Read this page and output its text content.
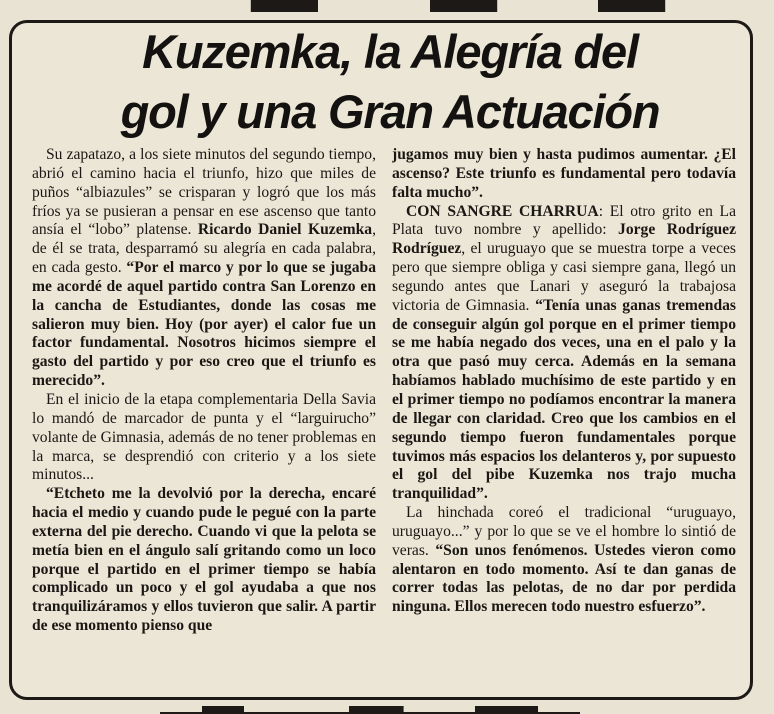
Kuzemka, la Alegría del
gol y una Gran Actuación

Su zapatazo, a los siete minutos del segundo tiempo, abrió el camino hacia el triunfo, hizo que miles de puños “albiazules” se crisparan y logró que los más fríos ya se pusieran a pensar en ese ascenso que tanto ansía el “lobo” platense. Ricardo Daniel Kuzemka, de él se trata, desparramó su alegría en cada palabra, en cada gesto. “Por el marco y por lo que se jugaba me acordé de aquel partido contra San Lorenzo en la cancha de Estudiantes, donde las cosas me salieron muy bien. Hoy (por ayer) el calor fue un factor fundamental. Nosotros hicimos siempre el gasto del partido y por eso creo que el triunfo es merecido”.

En el inicio de la etapa complementaria Della Savia lo mandó de marcador de punta y el “larguirucho” volante de Gimnasia, además de no tener problemas en la marca, se desprendió con criterio y a los siete minutos...

“Etcheto me la devolvió por la derecha, encaré hacia el medio y cuando pude le pegué con la parte externa del pie derecho. Cuando vi que la pelota se metía bien en el ángulo salí gritando como un loco porque el partido en el primer tiempo se había complicado un poco y el gol ayudaba a que nos tranquilizáramos y ellos tuvieron que salir. A partir de ese momento pienso que

jugamos muy bien y hasta pudimos aumentar. ¿El ascenso? Este triunfo es fundamental pero todavía falta mucho”.

CON SANGRE CHARRUA: El otro grito en La Plata tuvo nombre y apellido: Jorge Rodríguez Rodríguez, el uruguayo que se muestra torpe a veces pero que siempre obliga y casi siempre gana, llegó un segundo antes que Lanari y aseguró la trabajosa victoria de Gimnasia. “Tenía unas ganas tremendas de conseguir algún gol porque en el primer tiempo se me había negado dos veces, una en el palo y la otra que pasó muy cerca. Además en la semana habíamos hablado muchísimo de este partido y en el primer tiempo no podíamos encontrar la manera de llegar con claridad. Creo que los cambios en el segundo tiempo fueron fundamentales porque tuvimos más espacios los delanteros y, por supuesto el gol del pibe Kuzemka nos trajo mucha tranquilidad”.

La hinchada coreó el tradicional “uruguayo, uruguayo...” y por lo que se ve el hombre lo sintió de veras. “Son unos fenómenos. Ustedes vieron como alentaron en todo momento. Así te dan ganas de correr todas las pelotas, de no dar por perdida ninguna. Ellos merecen todo nuestro esfuerzo”.
